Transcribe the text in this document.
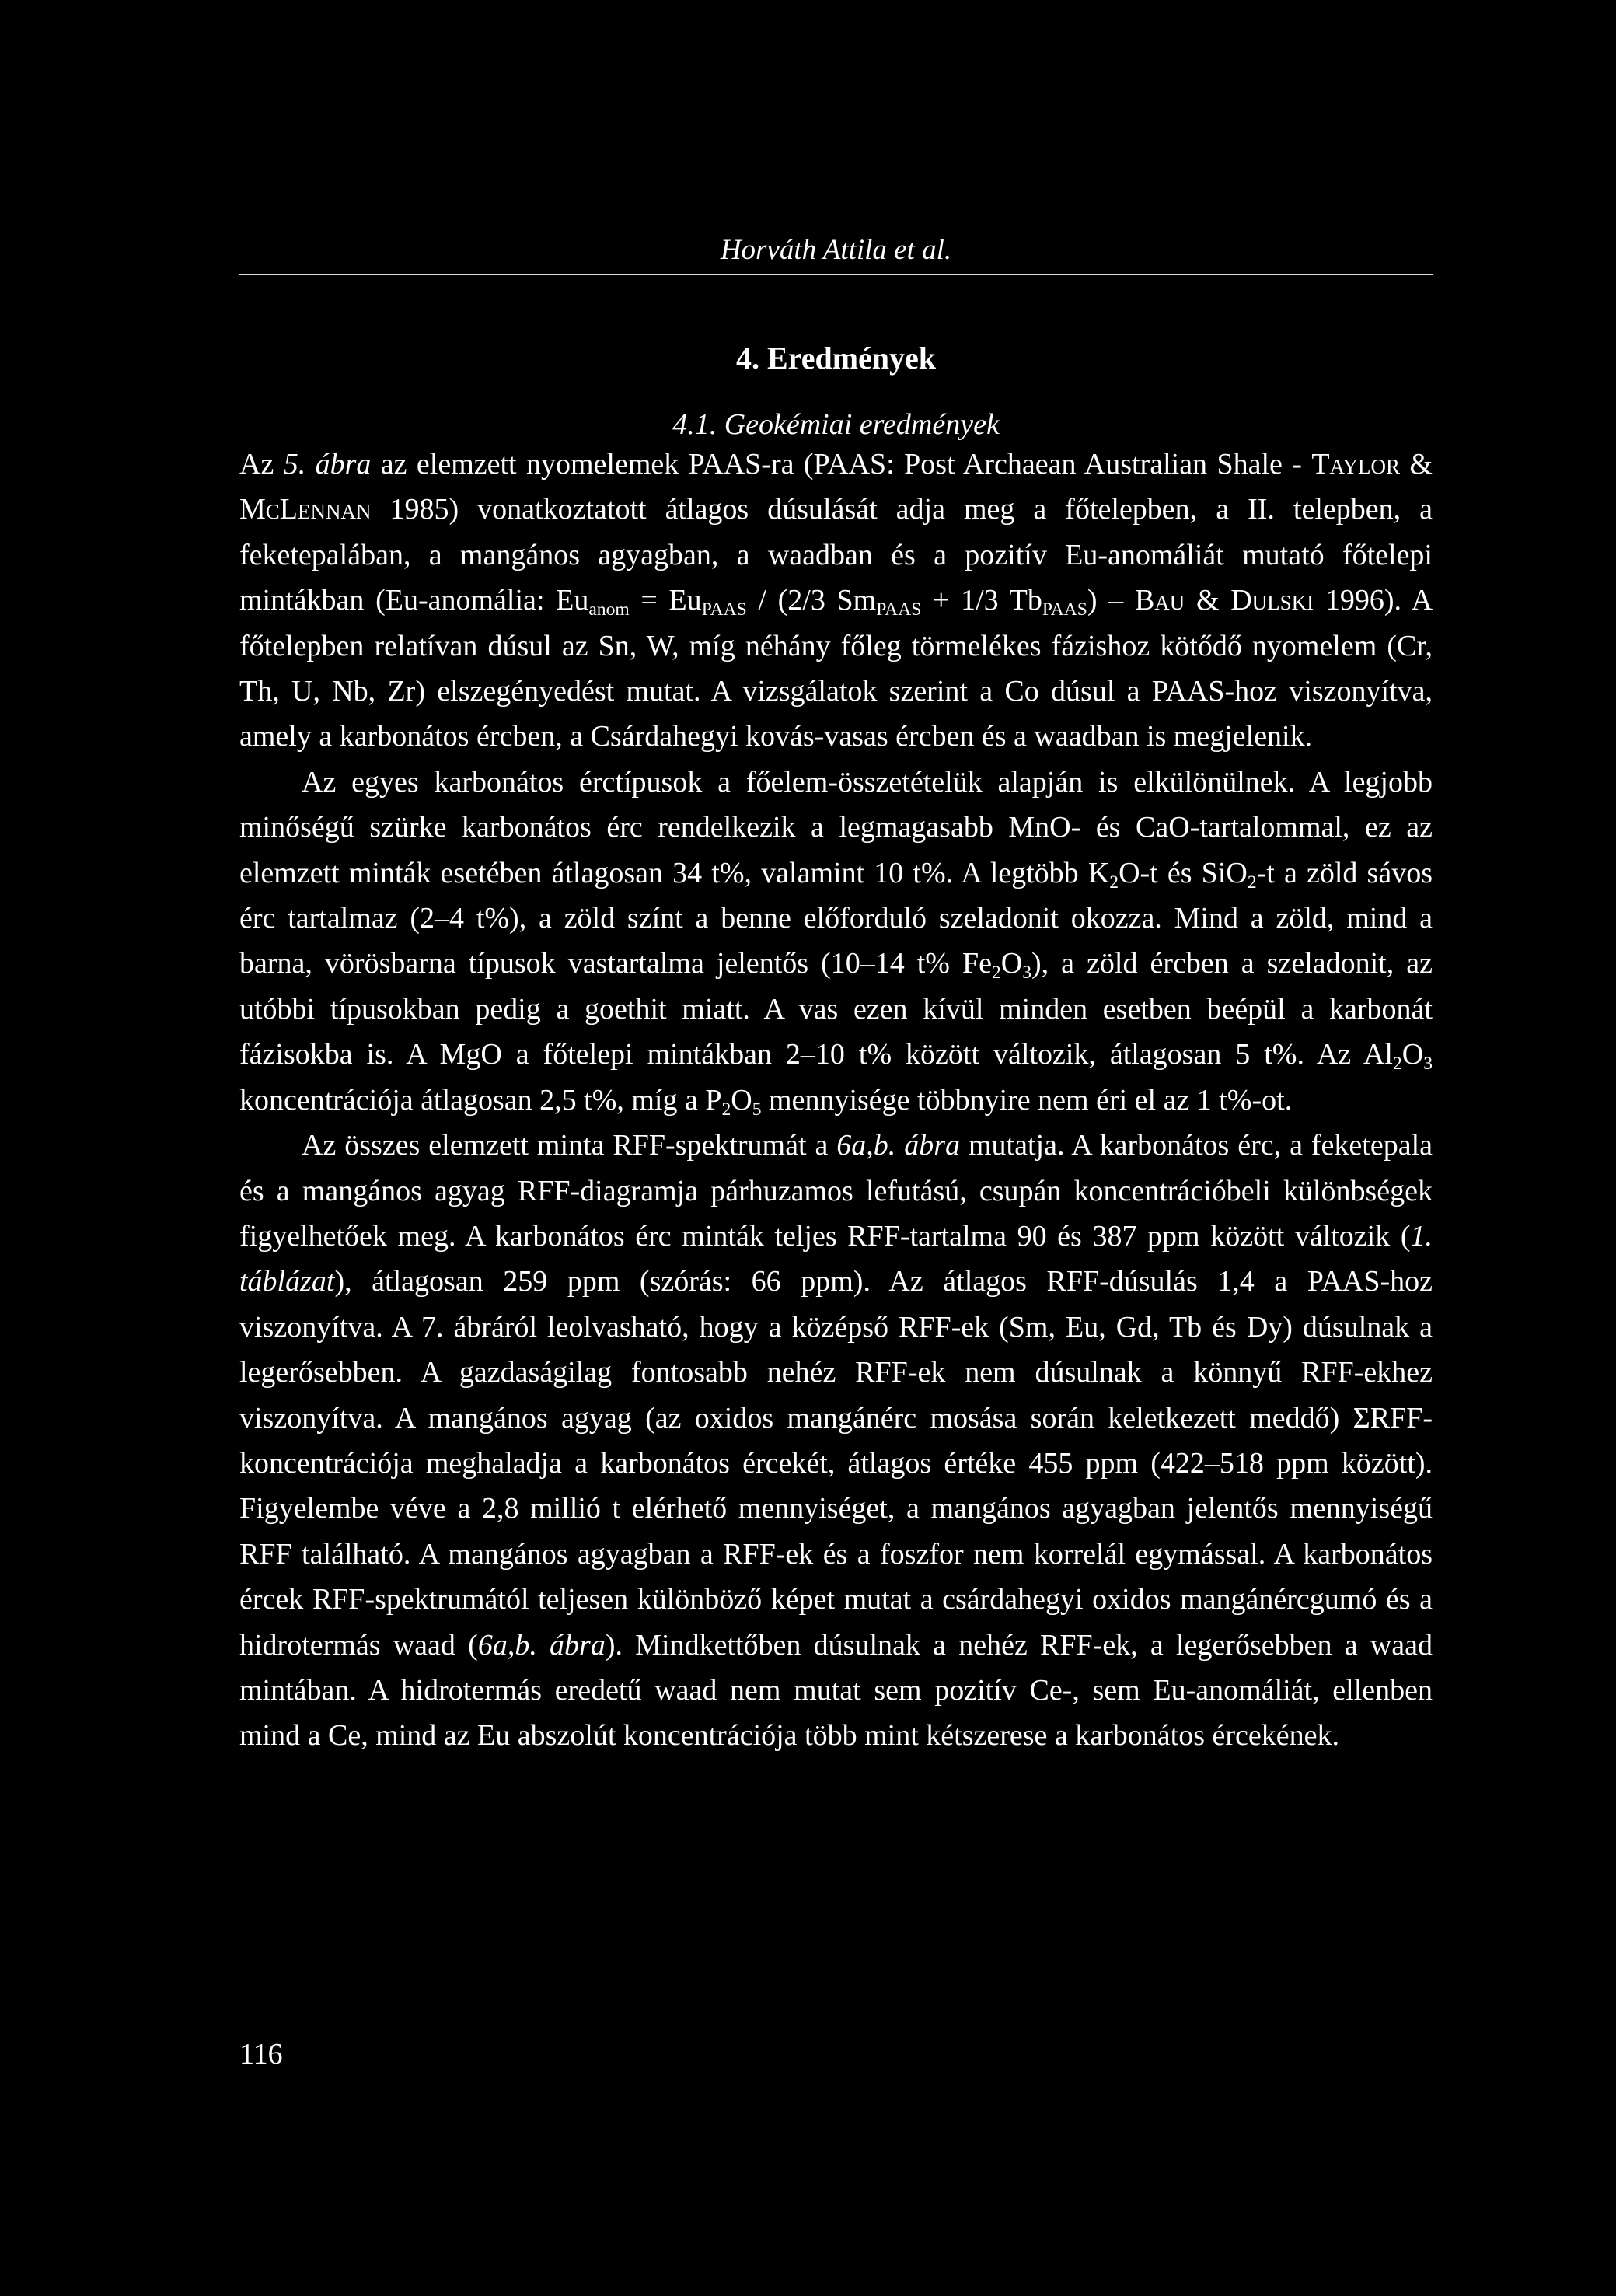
Horváth Attila et al.
4. Eredmények
4.1. Geokémiai eredmények

Az 5. ábra az elemzett nyomelemek PAAS-ra (PAAS: Post Archaean Australian Shale - Taylor & McLennan 1985) vonatkoztatott átlagos dúsulását adja meg a főtelepben, a II. telepben, a feketepalában, a mangános agyagban, a waadban és a pozitív Eu-anomáliát mutató főtelepi mintákban (Eu-anomália: $Eu_{anom} = Eu_{PAAS} / (2/3$ $Sm_{PAAS} + 1/3$ $Tb_{PAAS}$) – Bau & Dulski 1996). A főtelepben relatívan dúsul az Sn, W, míg néhány főleg törmelékes fázishoz kötődő nyomelem (Cr, Th, U, Nb, Zr) elszegényedést mutat. A vizsgálatok szerint a Co dúsul a PAAS-hoz viszonyítva, amely a karbonátos ércben, a Csárdahegyi kovás-vasas ércben és a waadban is megjelenik.

Az egyes karbonátos érctípusok a főelem-összetételük alapján is elkülönülnek. A legjobb minőségű szürke karbonátos érc rendelkezik a legmagasabb MnO- és CaO-tartalommal, ez az elemzett minták esetében átlagosan 34 t%, valamint 10 t%. A legtöbb $K_2O-t$ és SiO$_2$-t a zöld sávos érc tartalmaz (2–4 t%), a zöld színt a benne előforduló szeladonit okozza. Mind a zöld, mind a barna, vörösbarna típusok vastartalma jelentős (10–14 t% $Fe_2O_3$), a zöld ércben a szeladonit, az utóbbi típusokban pedig a goethit miatt. A vas ezen kívül minden esetben beépül a karbonát fázisokba is. A MgO a főtelepi mintákban 2–10 t% között változik, átlagosan 5 t%. Az $Al_2O_3$ koncentrációja átlagosan 2,5 t%, míg a $P_2O_5$ mennyisége többnyire nem éri el az 1 t%-ot.

Az összes elemzett minta RFF-spektrumát a 6a,b. ábra mutatja. A karbonátos érc, a feketepala és a mangános agyag RFF-diagramja párhuzamos lefutású, csupán koncentrációbeli különbségek figyelhetőek meg. A karbonátos érc minták teljes RFF-tartalma 90 és 387 ppm között változik (1. táblázat), átlagosan 259 ppm (szórás: 66 ppm). Az átlagos RFF-dúsulás 1,4 a PAAS-hoz viszonyítva. A 7. ábráról leolvasható, hogy a középső RFF-ek (Sm, Eu, Gd, Tb és Dy) dúsulnak a legerősebben. A gazdaságilag fontosabb nehéz RFF-ek nem dúsulnak a könnyű RFF-ekhez viszonyítva. A mangános agyag (az oxidos mangánérc mosása során keletkezett meddő) ΣRFF-koncentrációja meghaladja a karbonátos ércekét, átlagos értéke 455 ppm (422–518 ppm között). Figyelembe véve a 2,8 millió t elérhető mennyiséget, a mangános agyagban jelentős mennyiségű RFF található. A mangános agyagban a RFF-ek és a foszfor nem korrelál egymással. A karbonátos ércek RFF-spektrumától teljesen különböző képet mutat a csárdahegyi oxidos mangánércgumó és a hidrotermás waad (6a,b. ábra). Mindkettőben dúsulnak a nehéz RFF-ek, a legerősebben a waad mintában. A hidrotermás eredetű waad nem mutat sem pozitív Ce-, sem Eu-anomáliát, ellenben mind a Ce, mind az Eu abszolút koncentrációja több mint kétszerese a karbonátos ércekének.

116
